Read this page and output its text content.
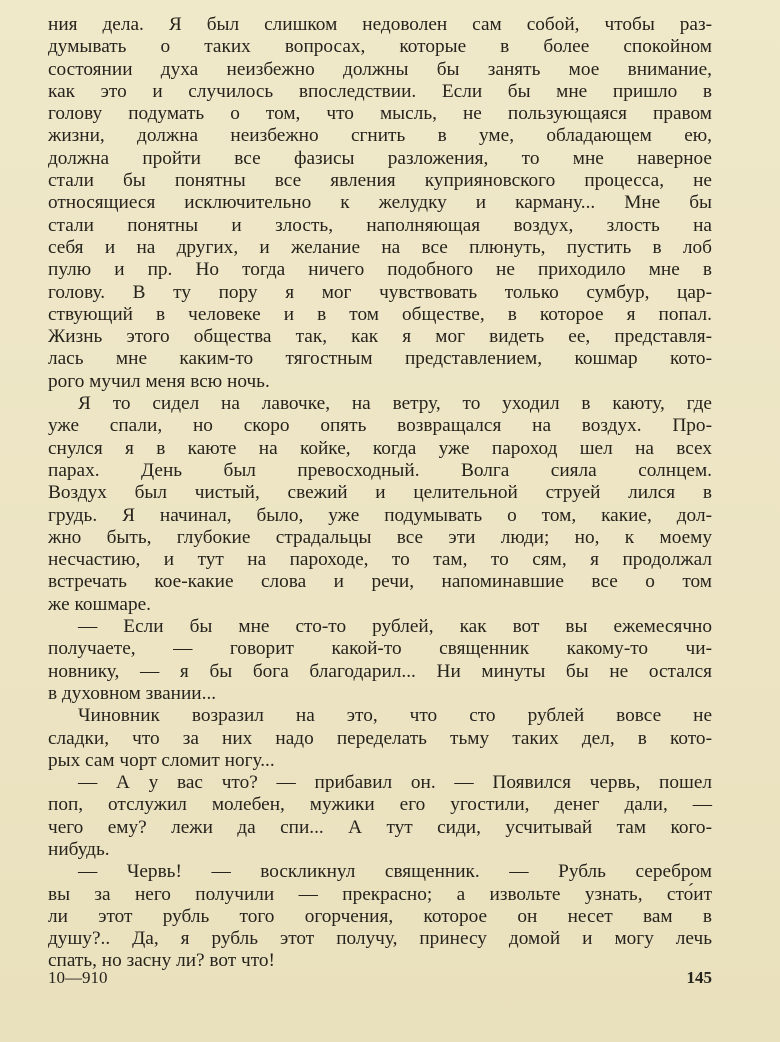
ния дела. Я был слишком недоволен сам собой, чтобы раз-
думывать о таких вопросах, которые в более спокойном
состоянии духа неизбежно должны бы занять мое внимание,
как это и случилось впоследствии. Если бы мне пришло в
голову подумать о том, что мысль, не пользующаяся правом
жизни, должна неизбежно сгнить в уме, обладающем ею,
должна пройти все фазисы разложения, то мне наверное
стали бы понятны все явления куприяновского процесса, не
относящиеся исключительно к желудку и карману... Мне бы
стали понятны и злость, наполняющая воздух, злость на
себя и на других, и желание на все плюнуть, пустить в лоб
пулю и пр. Но тогда ничего подобного не приходило мне в
голову. В ту пору я мог чувствовать только сумбур, цар-
ствующий в человеке и в том обществе, в которое я попал.
Жизнь этого общества так, как я мог видеть ее, представля-
лась мне каким-то тягостным представлением, кошмар кото-
рого мучил меня всю ночь.
Я то сидел на лавочке, на ветру, то уходил в каюту, где
уже спали, но скоро опять возвращался на воздух. Про-
снулся я в каюте на койке, когда уже пароход шел на всех
парах. День был превосходный. Волга сияла солнцем.
Воздух был чистый, свежий и целительной струей лился в
грудь. Я начинал, было, уже подумывать о том, какие, дол-
жно быть, глубокие страдальцы все эти люди; но, к моему
несчастию, и тут на пароходе, то там, то сям, я продолжал
встречать кое-какие слова и речи, напоминавшие все о том
же кошмаре.
— Если бы мне сто-то рублей, как вот вы ежемесячно
получаете, — говорит какой-то священник какому-то чи-
новнику, — я бы бога благодарил... Ни минуты бы не остался
в духовном звании...
Чиновник возразил на это, что сто рублей вовсе не
сладки, что за них надо переделать тьму таких дел, в кото-
рых сам чорт сломит ногу...
— А у вас что? — прибавил он. — Появился червь, пошел
поп, отслужил молебен, мужики его угостили, денег дали, —
чего ему? лежи да спи... А тут сиди, усчитывай там кого-
нибудь.
— Червь! — воскликнул священник. — Рубль серебром
вы за него получили — прекрасно; а извольте узнать, сто́ит
ли этот рубль того огорчения, которое он несет вам в
душу?.. Да, я рубль этот получу, принесу домой и могу лечь
спать, но засну ли? вот что!
10—910	145
